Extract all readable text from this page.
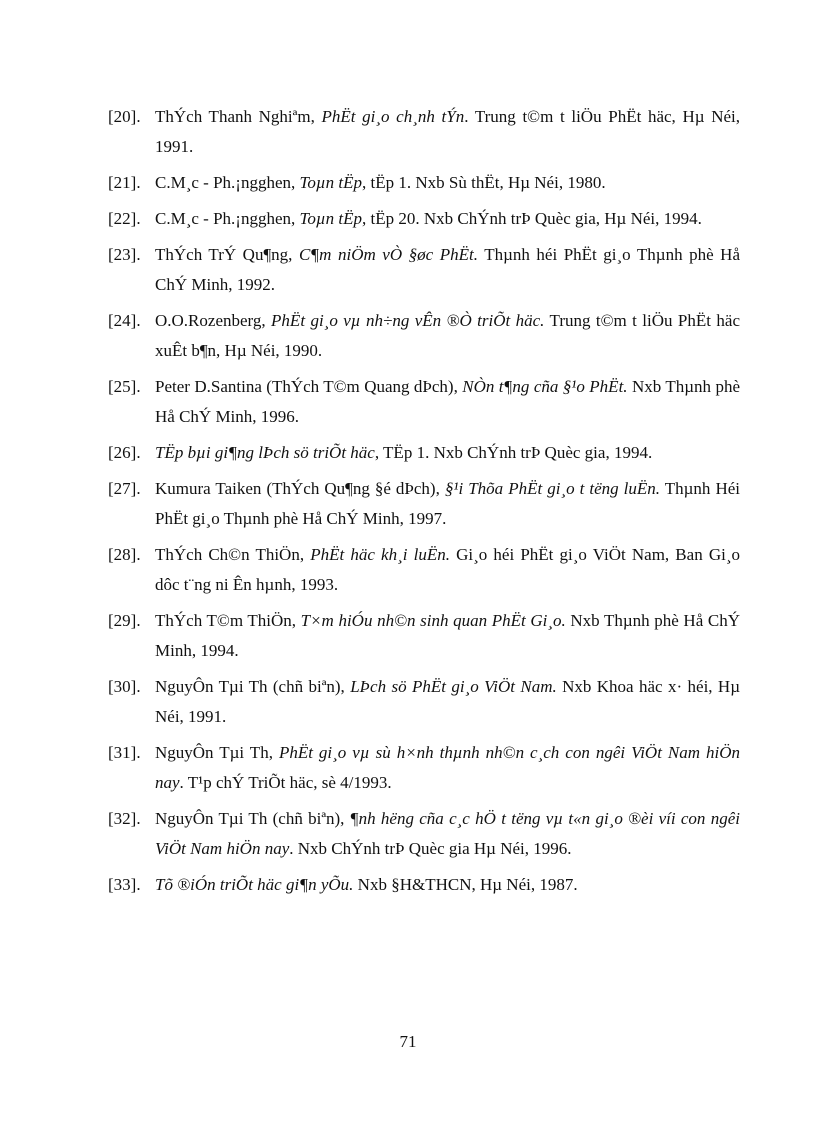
[20]. ThÝch Thanh Nghiªm, PhËt gi¸o ch¸nh tÝn. Trung t©m t liÖu PhËt häc, Hµ Néi, 1991.
[21]. C.M¸c - Ph.¡ngghen, Toµn tËp, tËp 1. Nxb Sù thËt, Hµ Néi, 1980.
[22]. C.M¸c - Ph.¡ngghen, Toµn tËp, tËp 20. Nxb ChÝnh trÞ Quèc gia, Hµ Néi, 1994.
[23]. ThÝch TrÝ Qu¶ng, C¶m niÖm vÒ §øc PhËt. Thµnh héi PhËt gi¸o Thµnh phè Hå ChÝ Minh, 1992.
[24]. O.O.Rozenberg, PhËt gi¸o vµ nh÷ng vÊn ®Ò triÕt häc. Trung t©m t liÖu PhËt häc xuÊt b¶n, Hµ Néi, 1990.
[25]. Peter D.Santina (ThÝch T©m Quang dÞch), NÒn t¶ng cña §¹o PhËt. Nxb Thµnh phè Hå ChÝ Minh, 1996.
[26]. TËp bµi gi¶ng lÞch sö triÕt häc, TËp 1. Nxb ChÝnh trÞ Quèc gia, 1994.
[27]. Kumura Taiken (ThÝch Qu¶ng §é dÞch), §¹i Thõa PhËt gi¸o t tëng luËn. Thµnh Héi PhËt gi¸o Thµnh phè Hå ChÝ Minh, 1997.
[28]. ThÝch Ch©n ThiÖn, PhËt häc kh¸i luËn. Gi¸o héi PhËt gi¸o ViÖt Nam, Ban Gi¸o dôc t¨ng ni Ên hµnh, 1993.
[29]. ThÝch T©m ThiÖn, T×m hiÓu nh©n sinh quan PhËt Gi¸o. Nxb Thµnh phè Hå ChÝ Minh, 1994.
[30]. NguyÔn Tµi Th (chñ biªn), LÞch sö PhËt gi¸o ViÖt Nam. Nxb Khoa häc x· héi, Hµ Néi, 1991.
[31]. NguyÔn Tµi Th, PhËt gi¸o vµ sù h×nh thµnh nh©n c¸ch con ngêi ViÖt Nam hiÖn nay. T¹p chÝ TriÕt häc, sè 4/1993.
[32]. NguyÔn Tµi Th (chñ biªn), ¶nh hëng cña c¸c hÖ t tëng vµ t«n gi¸o ®èi víi con ngêi ViÖt Nam hiÖn nay. Nxb ChÝnh trÞ Quèc gia Hµ Néi, 1996.
[33]. Tõ ®iÓn triÕt häc gi¶n yÕu. Nxb §H&THCN, Hµ Néi, 1987.
71
